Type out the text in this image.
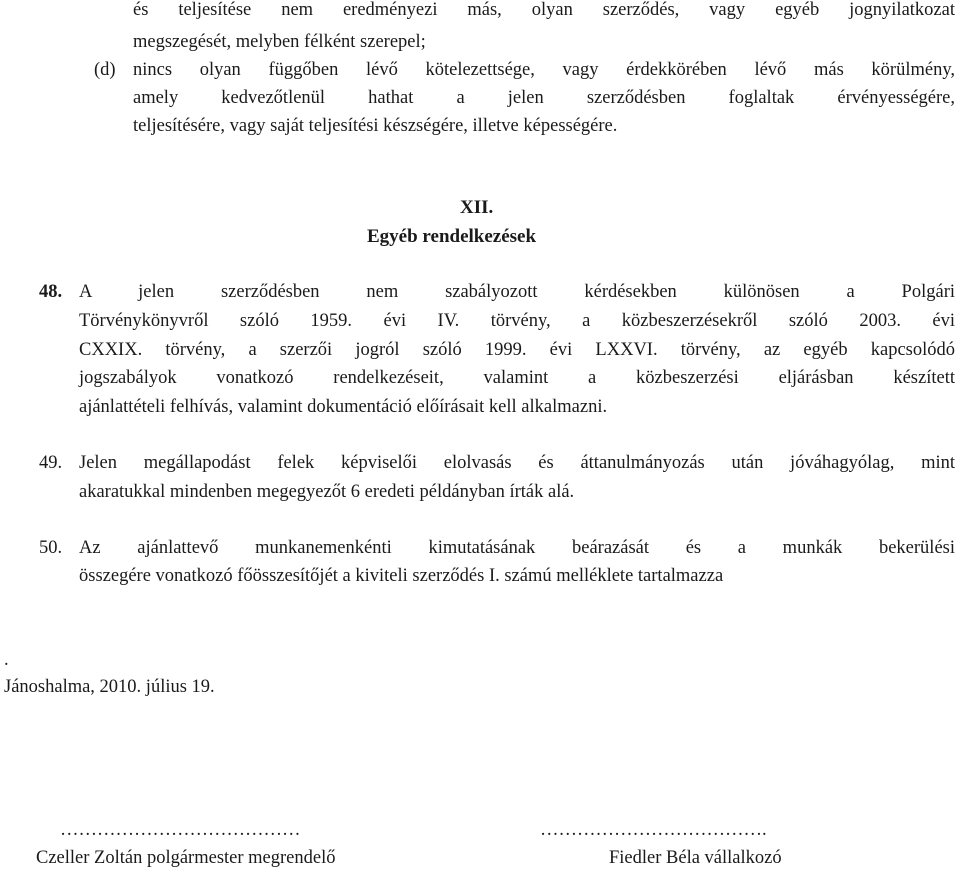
és teljesítése nem eredményezi más, olyan szerződés, vagy egyéb jognyilatkozat
megszegését, melyben félként szerepel;
(d) nincs olyan függőben lévő kötelezettsége, vagy érdekkörében lévő más körülmény,
amely kedvezőtlenül hathat a jelen szerződésben foglaltak érvényességére,
teljesítésére, vagy saját teljesítési készségére, illetve képességére.
XII.
Egyéb rendelkezések
48. A jelen szerződésben nem szabályozott kérdésekben különösen a Polgári
Törvénykönyvről szóló 1959. évi IV. törvény, a közbeszerzésekről szóló 2003. évi
CXXIX. törvény, a szerzői jogról szóló 1999. évi LXXVI. törvény, az egyéb kapcsolódó
jogszabályok vonatkozó rendelkezéseit, valamint a közbeszerzési eljárásban készített
ajánlattételi felhívás, valamint dokumentáció előírásait kell alkalmazni.
49. Jelen megállapodást felek képviselői elolvasás és áttanulmányozás után jóváhagyólag, mint
akaratukkal mindenben megegyezőt 6 eredeti példányban írták alá.
50. Az ajánlattevő munkanemenkénti kimutatásának beárazását és a munkák bekerülési
összegére vonatkozó főösszesítőjét a kiviteli szerződés I. számú melléklete tartalmazza
.
Jánoshalma, 2010. július 19.
…………………………………
Czeller Zoltán polgármester megrendelő
……………………………….
Fiedler Béla vállalkozó
